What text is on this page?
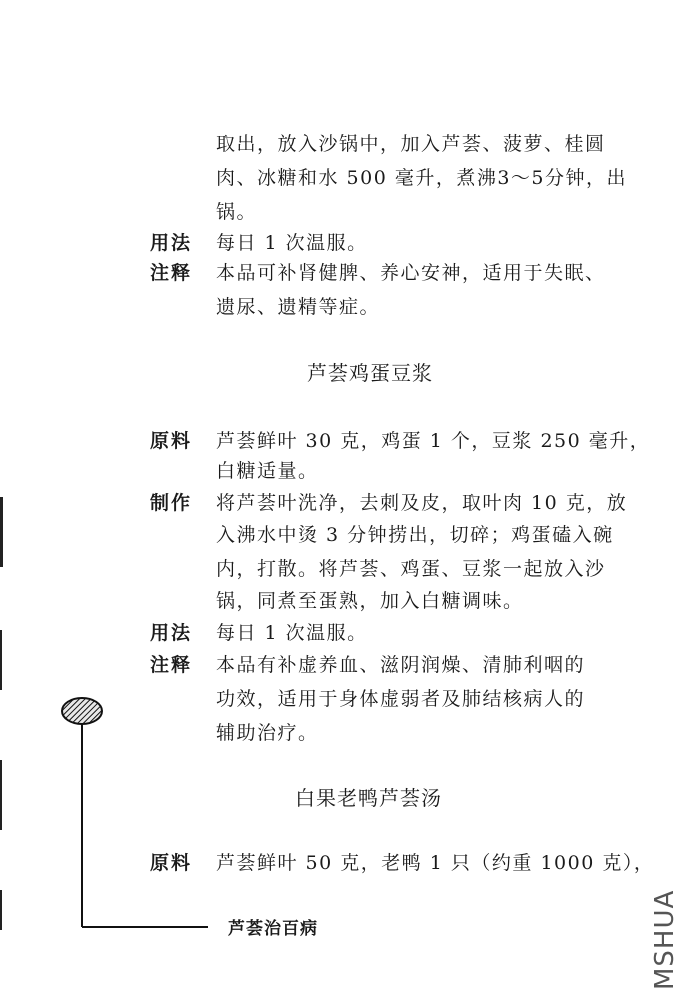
取出，放入沙锅中，加入芦荟、菠萝、桂圆
肉、冰糖和水 500 毫升，煮沸3～5分钟，出
锅。
用法 每日 1 次温服。
注释 本品可补肾健脾、养心安神，适用于失眠、
遗尿、遗精等症。
芦荟鸡蛋豆浆
原料 芦荟鲜叶 30 克，鸡蛋 1 个，豆浆 250 毫升，
白糖适量。
制作 将芦荟叶洗净，去刺及皮，取叶肉 10 克，放
入沸水中烫 3 分钟捞出，切碎；鸡蛋磕入碗
内，打散。将芦荟、鸡蛋、豆浆一起放入沙
锅，同煮至蛋熟，加入白糖调味。
用法 每日 1 次温服。
注释 本品有补虚养血、滋阴润燥、清肺利咽的
功效，适用于身体虚弱者及肺结核病人的
辅助治疗。
白果老鸭芦荟汤
原料 芦荟鲜叶 50 克，老鸭 1 只（约重 1000 克），
芦荟治百病	MSHUA
